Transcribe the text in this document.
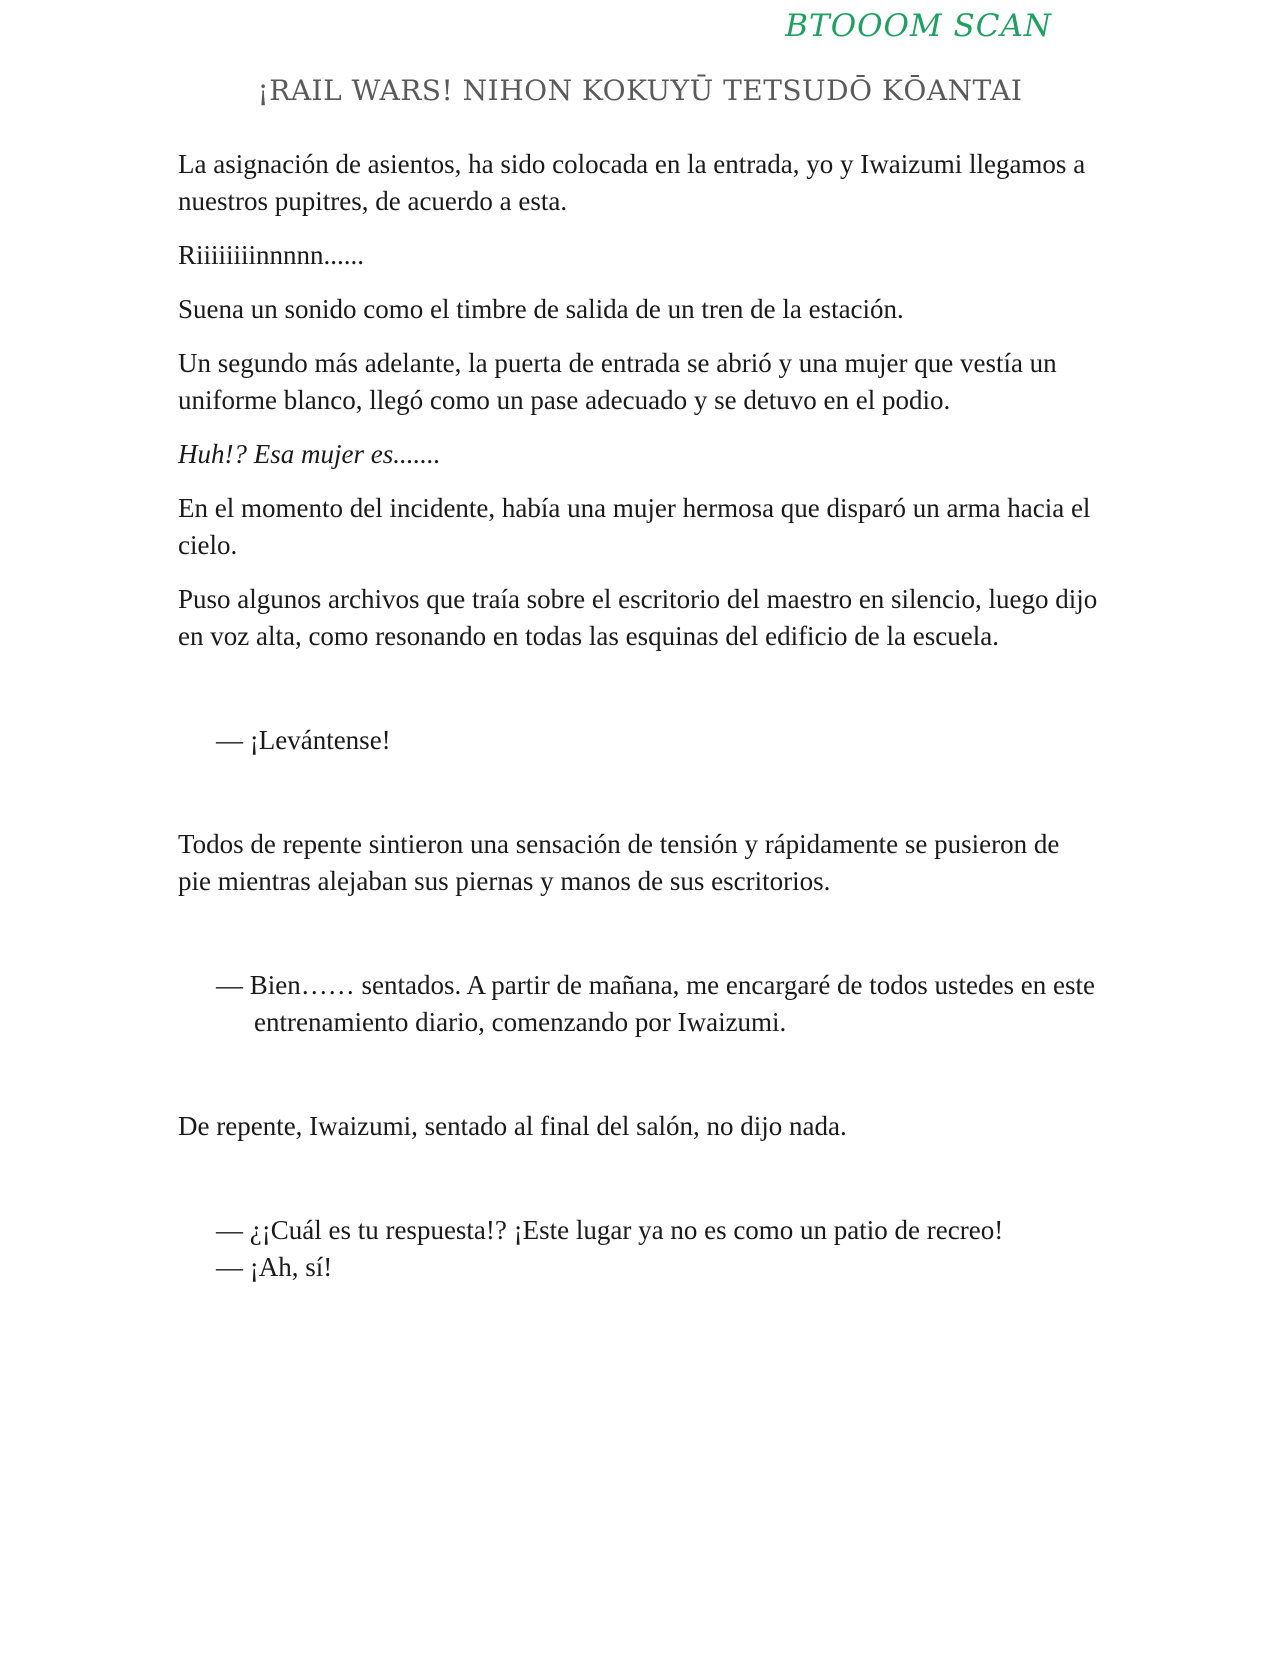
BTOOOM SCAN
¡RAIL WARS! NIHON KOKUYŪ TETSUDŌ KŌANTAI

La asignación de asientos, ha sido colocada en la entrada, yo y Iwaizumi llegamos a nuestros pupitres, de acuerdo a esta.

Riiiiiiiinnnnn......

Suena un sonido como el timbre de salida de un tren de la estación.

Un segundo más adelante, la puerta de entrada se abrió y una mujer que vestía un uniforme blanco, llegó como un pase adecuado y se detuvo en el podio.

Huh!? Esa mujer es.......

En el momento del incidente, había una mujer hermosa que disparó un arma hacia el cielo.

Puso algunos archivos que traía sobre el escritorio del maestro en silencio, luego dijo en voz alta, como resonando en todas las esquinas del edificio de la escuela.

— ¡Levántense!

Todos de repente sintieron una sensación de tensión y rápidamente se pusieron de pie mientras alejaban sus piernas y manos de sus escritorios.

— Bien…… sentados. A partir de mañana, me encargaré de todos ustedes en este entrenamiento diario, comenzando por Iwaizumi.

De repente, Iwaizumi, sentado al final del salón, no dijo nada.

— ¿¡Cuál es tu respuesta!? ¡Este lugar ya no es como un patio de recreo!

— ¡Ah, sí!
